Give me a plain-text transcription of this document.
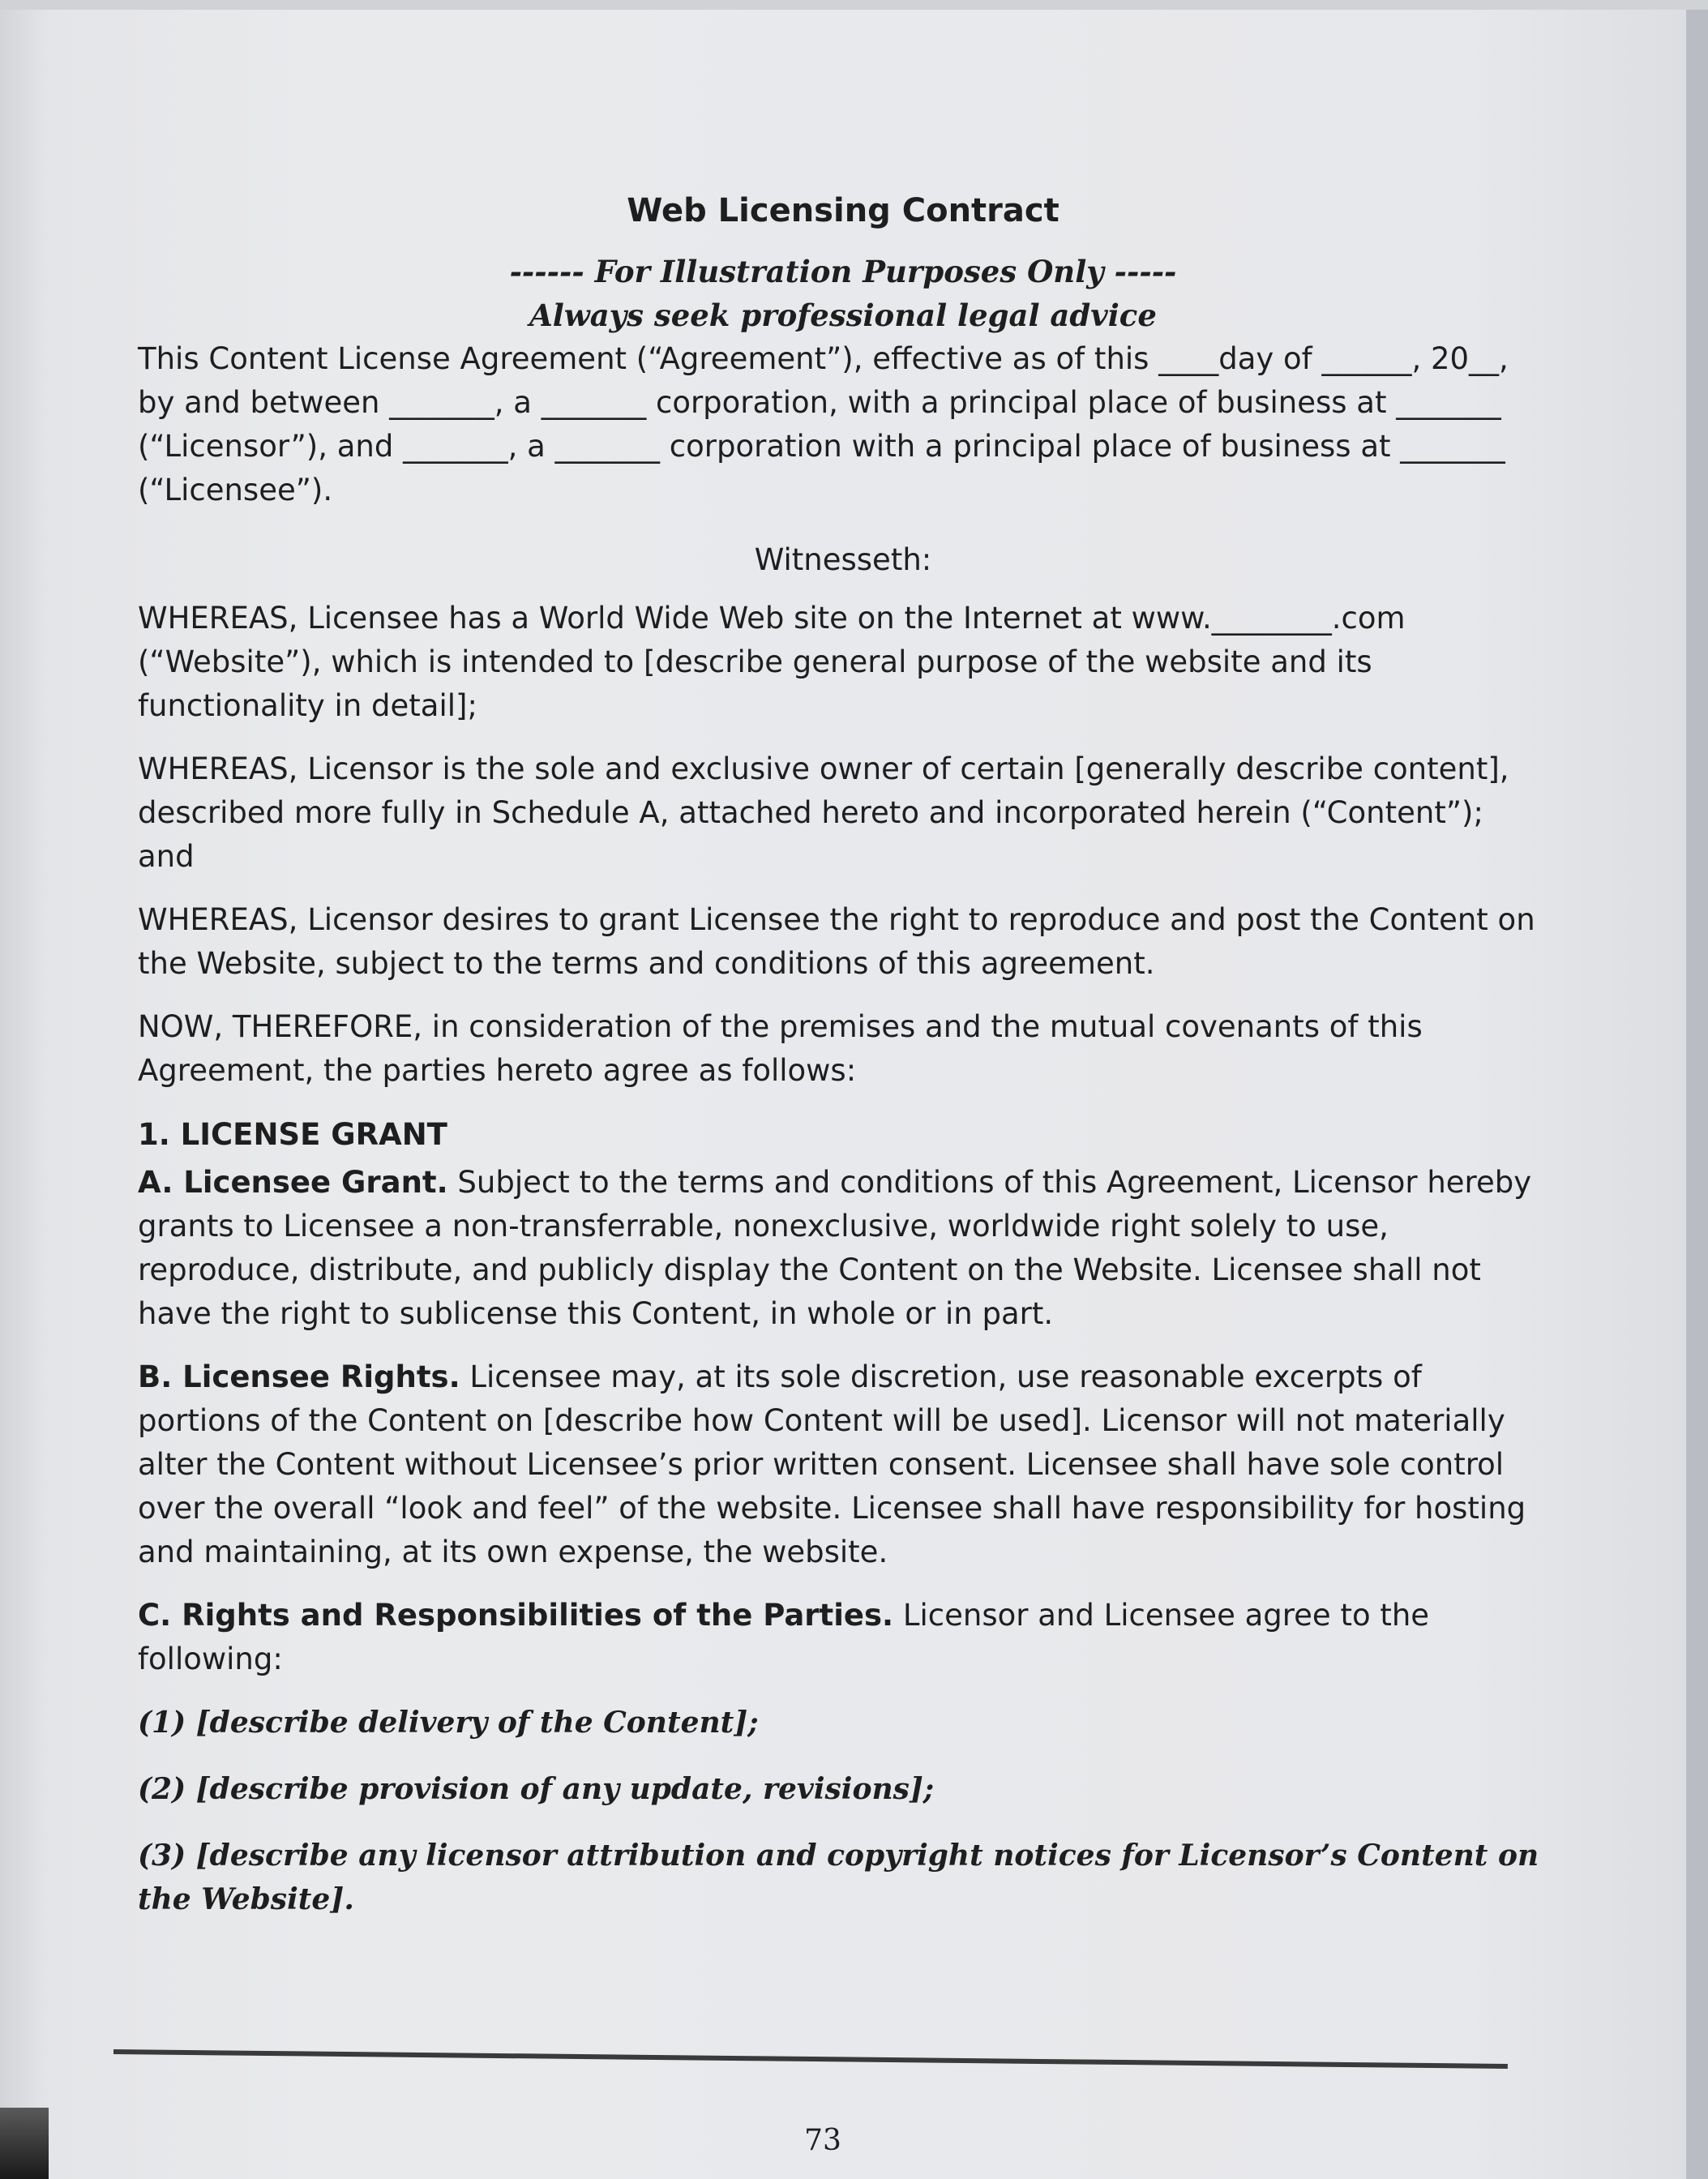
Web Licensing Contract
------ For Illustration Purposes Only -----
Always seek professional legal advice

This Content License Agreement (“Agreement”), effective as of this ____day of ______, 20__, by and between _______, a _______ corporation, with a principal place of business at _______ (“Licensor”), and _______, a _______ corporation with a principal place of business at _______ (“Licensee”).

Witnesseth:

WHEREAS, Licensee has a World Wide Web site on the Internet at www.________.com (“Website”), which is intended to [describe general purpose of the website and its functionality in detail];

WHEREAS, Licensor is the sole and exclusive owner of certain [generally describe content], described more fully in Schedule A, attached hereto and incorporated herein (“Content”); and

WHEREAS, Licensor desires to grant Licensee the right to reproduce and post the Content on the Website, subject to the terms and conditions of this agreement.

NOW, THEREFORE, in consideration of the premises and the mutual covenants of this Agreement, the parties hereto agree as follows:

1. LICENSE GRANT

A. Licensee Grant. Subject to the terms and conditions of this Agreement, Licensor hereby grants to Licensee a non-transferrable, nonexclusive, worldwide right solely to use, reproduce, distribute, and publicly display the Content on the Website. Licensee shall not have the right to sublicense this Content, in whole or in part.

B. Licensee Rights. Licensee may, at its sole discretion, use reasonable excerpts of portions of the Content on [describe how Content will be used]. Licensor will not materially alter the Content without Licensee’s prior written consent. Licensee shall have sole control over the overall “look and feel” of the website. Licensee shall have responsibility for hosting and maintaining, at its own expense, the website.

C. Rights and Responsibilities of the Parties. Licensor and Licensee agree to the following:

(1) [describe delivery of the Content];
(2) [describe provision of any update, revisions];
(3) [describe any licensor attribution and copyright notices for Licensor’s Content on the Website].
73
